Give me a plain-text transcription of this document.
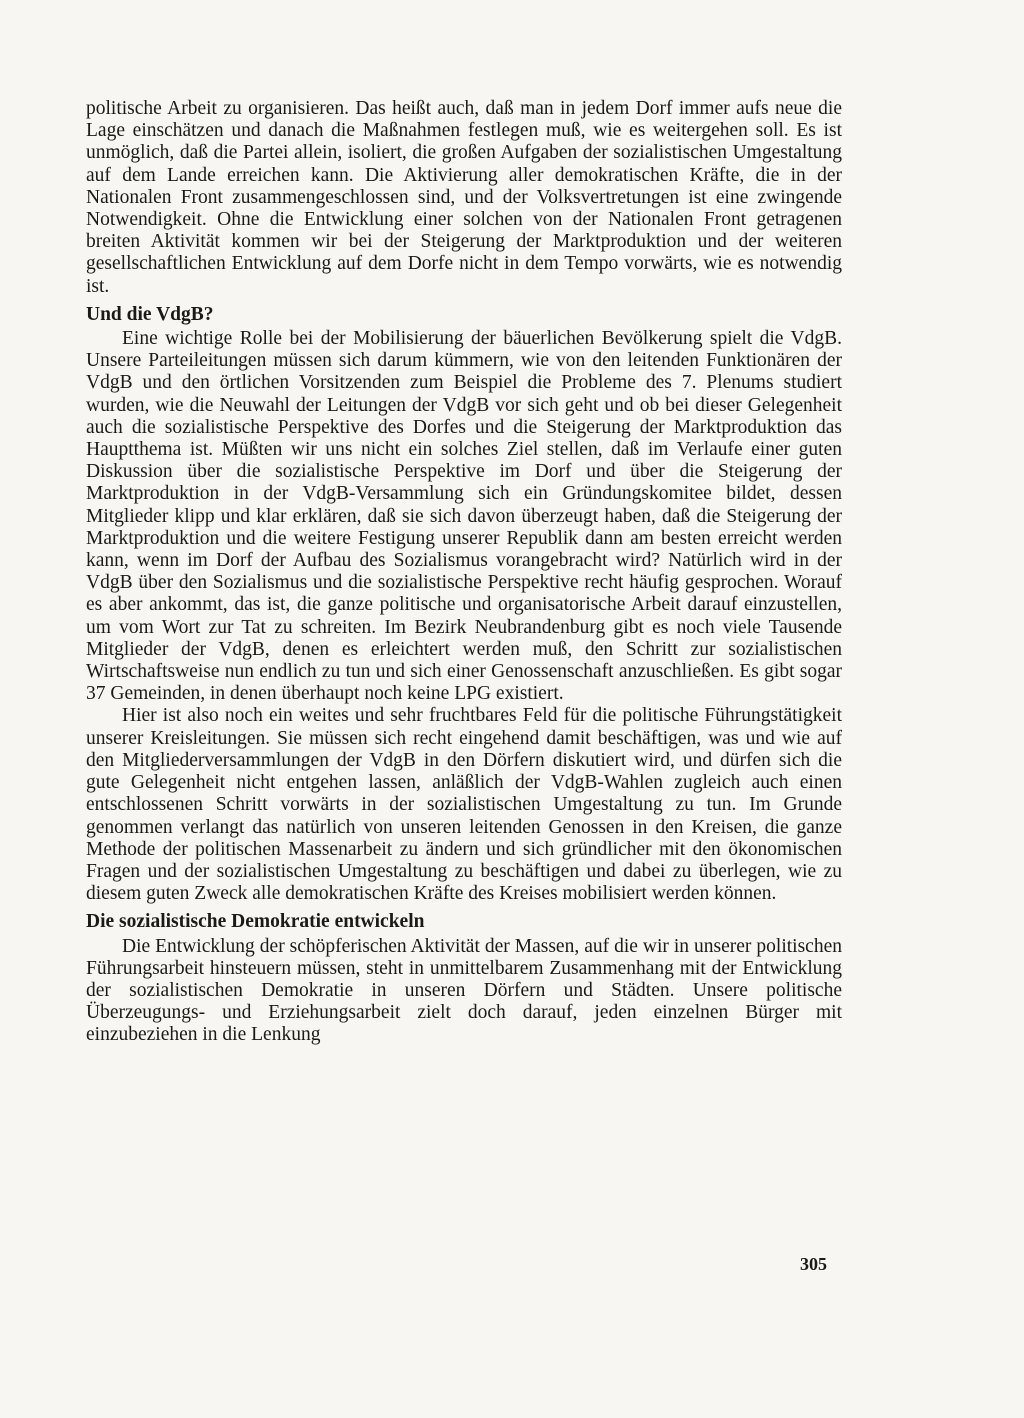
politische Arbeit zu organisieren. Das heißt auch, daß man in jedem Dorf immer aufs neue die Lage einschätzen und danach die Maßnahmen festlegen muß, wie es weitergehen soll. Es ist unmöglich, daß die Partei allein, isoliert, die großen Aufgaben der sozialistischen Umgestaltung auf dem Lande erreichen kann. Die Aktivierung aller demokratischen Kräfte, die in der Nationalen Front zusammengeschlossen sind, und der Volksvertretungen ist eine zwingende Notwendigkeit. Ohne die Entwicklung einer solchen von der Nationalen Front getragenen breiten Aktivität kommen wir bei der Steigerung der Marktproduktion und der weiteren gesellschaftlichen Entwicklung auf dem Dorfe nicht in dem Tempo vorwärts, wie es notwendig ist.

Und die VdgB?

Eine wichtige Rolle bei der Mobilisierung der bäuerlichen Bevölkerung spielt die VdgB. Unsere Parteileitungen müssen sich darum kümmern, wie von den leitenden Funktionären der VdgB und den örtlichen Vorsitzenden zum Beispiel die Probleme des 7. Plenums studiert wurden, wie die Neuwahl der Leitungen der VdgB vor sich geht und ob bei dieser Gelegenheit auch die sozialistische Perspektive des Dorfes und die Steigerung der Marktproduktion das Hauptthema ist. Müßten wir uns nicht ein solches Ziel stellen, daß im Verlaufe einer guten Diskussion über die sozialistische Perspektive im Dorf und über die Steigerung der Marktproduktion in der VdgB-Versammlung sich ein Gründungskomitee bildet, dessen Mitglieder klipp und klar erklären, daß sie sich davon überzeugt haben, daß die Steigerung der Marktproduktion und die weitere Festigung unserer Republik dann am besten erreicht werden kann, wenn im Dorf der Aufbau des Sozialismus vorangebracht wird? Natürlich wird in der VdgB über den Sozialismus und die sozialistische Perspektive recht häufig gesprochen. Worauf es aber ankommt, das ist, die ganze politische und organisatorische Arbeit darauf einzustellen, um vom Wort zur Tat zu schreiten. Im Bezirk Neubrandenburg gibt es noch viele Tausende Mitglieder der VdgB, denen es erleichtert werden muß, den Schritt zur sozialistischen Wirtschaftsweise nun endlich zu tun und sich einer Genossenschaft anzuschließen. Es gibt sogar 37 Gemeinden, in denen überhaupt noch keine LPG existiert.

Hier ist also noch ein weites und sehr fruchtbares Feld für die politische Führungstätigkeit unserer Kreisleitungen. Sie müssen sich recht eingehend damit beschäftigen, was und wie auf den Mitgliederversammlungen der VdgB in den Dörfern diskutiert wird, und dürfen sich die gute Gelegenheit nicht entgehen lassen, anläßlich der VdgB-Wahlen zugleich auch einen entschlossenen Schritt vorwärts in der sozialistischen Umgestaltung zu tun. Im Grunde genommen verlangt das natürlich von unseren leitenden Genossen in den Kreisen, die ganze Methode der politischen Massenarbeit zu ändern und sich gründlicher mit den ökonomischen Fragen und der sozialistischen Umgestaltung zu beschäftigen und dabei zu überlegen, wie zu diesem guten Zweck alle demokratischen Kräfte des Kreises mobilisiert werden können.

Die sozialistische Demokratie entwickeln

Die Entwicklung der schöpferischen Aktivität der Massen, auf die wir in unserer politischen Führungsarbeit hinsteuern müssen, steht in unmittelbarem Zusammenhang mit der Entwicklung der sozialistischen Demokratie in unseren Dörfern und Städten. Unsere politische Überzeugungs- und Erziehungsarbeit zielt doch darauf, jeden einzelnen Bürger mit einzubeziehen in die Lenkung

305
